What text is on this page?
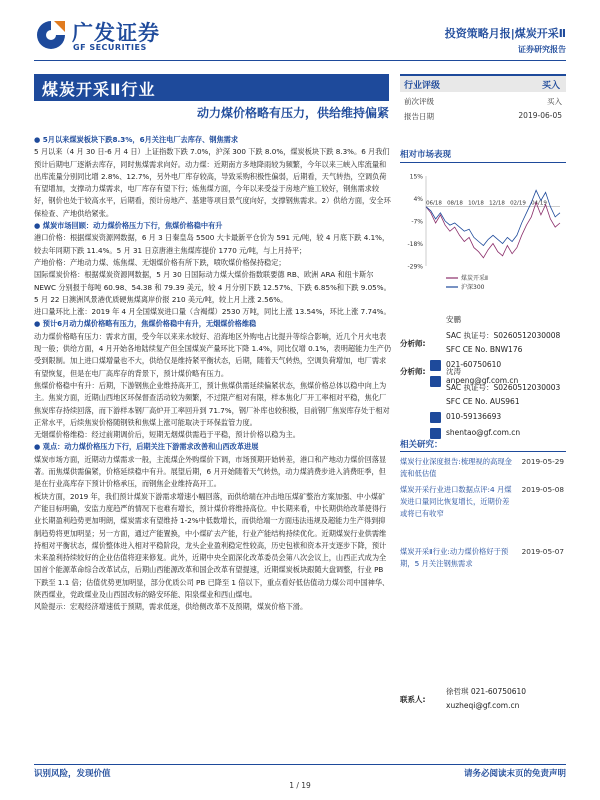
广发证券
GF SECURITIES
投资策略月报|煤炭开采Ⅱ
证券研究报告
煤炭开采Ⅱ行业
动力煤价格略有压力，供给维持偏紧

● 5月以来煤炭板块下跌8.3%，6月关注电厂去库存、钢焦需求

5 月以来（4 月 30 日-6 月 4 日）上证指数下跌 7.0%，沪深 300 下跌 8.0%，煤炭板块下跌 8.3%。6 月我们预计后期电厂逐渐去库存，同时焦煤需求向好。动力煤：近期南方多地降雨较为频繁，今年以来三峡入库流量和出库流量分别同比增 2.8%、12.7%，另外电厂库存较高，导致采购积极性偏弱，后期看，天气转热，空调负荷有望增加，支撑动力煤需求，电厂库存有望下行；炼焦煤方面，今年以来受益于房地产施工较好，钢焦需求较好，钢价也处于较高水平，后期看，预计房地产、基建等项目景气度向好，支撑钢焦需求。2）供给方面，安全环保检查、产地供给紧张。

● 煤炭市场回顾：动力煤价格压力下行，焦煤价格稳中有升

港口价格：根据煤炭资源网数据，6 月 3 日秦皇岛 5500 大卡最新平仓价为 591 元/吨，较 4 月底下跌 4.1%，较去年同期下跌 11.4%。5 月 31 日京唐港主焦煤库提价 1770 元/吨，与上月持平；

产地价格：产地动力煤、炼焦煤、无烟煤价格有所下跌，喷吹煤价格保持稳定；

国际煤炭价格：根据煤炭资源网数据，5 月 30 日国际动力煤大煤价指数联要德 RB、欧洲 ARA 和纽卡斯尔 NEWC 分别报于每吨 60.98、54.38 和 79.39 美元，较 4 月分别下跌 12.57%、下跌 6.85%和下跌 9.05%。5 月 22 日澳洲风景港优质硬焦煤离岸价报 210 美元/吨，较上月上涨 2.56%。

进口量环比上涨：2019 年 4 月全国煤炭进口量（含褐煤）2530 万吨，同比上涨 13.54%，环比上涨 7.74%。

● 预计6月动力煤价格略有压力，焦煤价格稳中有升，无烟煤价格维稳

动力煤价格略有压力：需求方面，受今年以来来水较好、沿海地区外购电占比提升等综合影响，近几个月火电表现一般；供给方面，4 月开始各地陆续复产但全国煤炭产量环比下降 1.4%，同比仅增 0.1%，表明超能力生产仍受到限制。加上进口煤增量也不大，供给仅是维持紧平衡状态，后期，随着天气转热，空调负荷增加，电厂需求有望恢复，但是在电厂高库存的背景下，预计煤价略有压力。

焦煤价格稳中有升：后期，下游钢焦企业维持高开工，预计焦煤供需延续偏紧状态，焦煤价格总体以稳中向上为主。焦炭方面，近期山西地区环保督查活动较为频繁，不过限产相对有限，样本焦化厂开工率相对平稳，焦化厂焦炭库存持续回落，而下游样本钢厂高炉开工率回升到 71.7%，钢厂补库也较积极，目前钢厂焦炭库存处于相对正常水平，后续焦炭价格随钢铁和焦煤上涨可能取决于环保监管力度。

无烟煤价格维稳：经过前期调价后，短期无烟煤供需趋于平稳，预计价格以稳为主。

● 观点：动力煤价格压力下行，后期关注下游需求改善和山西改革进展

煤炭市场方面，近期动力煤需求一般，主流煤企外购煤价下调，市场预期开始转差，港口和产地动力煤价回落显著。而焦煤供需偏紧，价格延续稳中有升。展望后期，6 月开始随着天气转热，动力煤消费步进入消费旺季，但是在行业高库存下预计价格承压，而钢焦企业维持高开工。

板块方面，2019 年，我们预计煤炭下游需求增速小幅回落，而供给端在冲击地压煤矿整治方案加强、中小煤矿产能目标明确，安监力度趋严的情况下也难有增长，预计煤价将维持高位。中长期来看，中长期供给改革使得行业长期盈利趋势更加明朗，煤炭需求有望维持 1-2%中低数增长，而供给端一方面违法违规及超能力生产得到抑制趋势将更加明显；另一方面，通过产能置换，中小煤矿去产能，行业产能结构持续优化。近期煤炭行业供需维持相对平衡状态，煤价整体进入相对平稳阶段，龙头企业盈利稳定性较高，历史包袱和资本开支逐步下降，预计未来盈利持续较好的企业估值将迎来修复。此外，近期中央全面深化改革委员会第八次会议上，山西正式成为全国首个能源革命综合改革试点，后期山西能源改革和国企改革有望提速，近期煤炭板块跟随大盘调整，行业 PB 下跌至 1.1 倍；估值优势更加明显，部分优质公司 PB 已降至 1 倍以下，重点看好低估值动力煤公司中国神华、陕西煤业，党政煤业及山西国改标的路安环能、阳泉煤业和西山煤电。

风险提示：宏观经济增速低于预期，需求低迷，供给侧改革不及预期，煤炭价格下滑。

行业评级	买入
前次评级	买入
报告日期	2019-06-05
相对市场表现
15%
4%
-7%
-18%
-29%
06/18 08/18 10/18 12/18 02/19 04/19
煤炭开采Ⅱ
沪深300
分析师:
安鹏
SAC 执证号：S0260512030008
SFC CE No. BNW176
021-60750610
anpeng@gf.com.cn
分析师:	沈涛
SAC 执证号：S0260512030003
SFC CE No. AUS961
010-59136693
shentao@gf.com.cn
相关研究：
煤炭行业深度报告:梳理视的高现金流和低估值
2019-05-29
煤炭开采行业进口数据点评:4 月煤炭进口量同比恢复增长，近期价差或将已有收窄
2019-05-08
煤炭开采Ⅱ行业:动力煤价格好于预期，5 月关注钢焦需求
2019-05-07
联系人:
徐哲琪 021-60750610
xuzheqi@gf.com.cn
识别风险，发现价值	请务必阅读末页的免责声明
1 / 19
